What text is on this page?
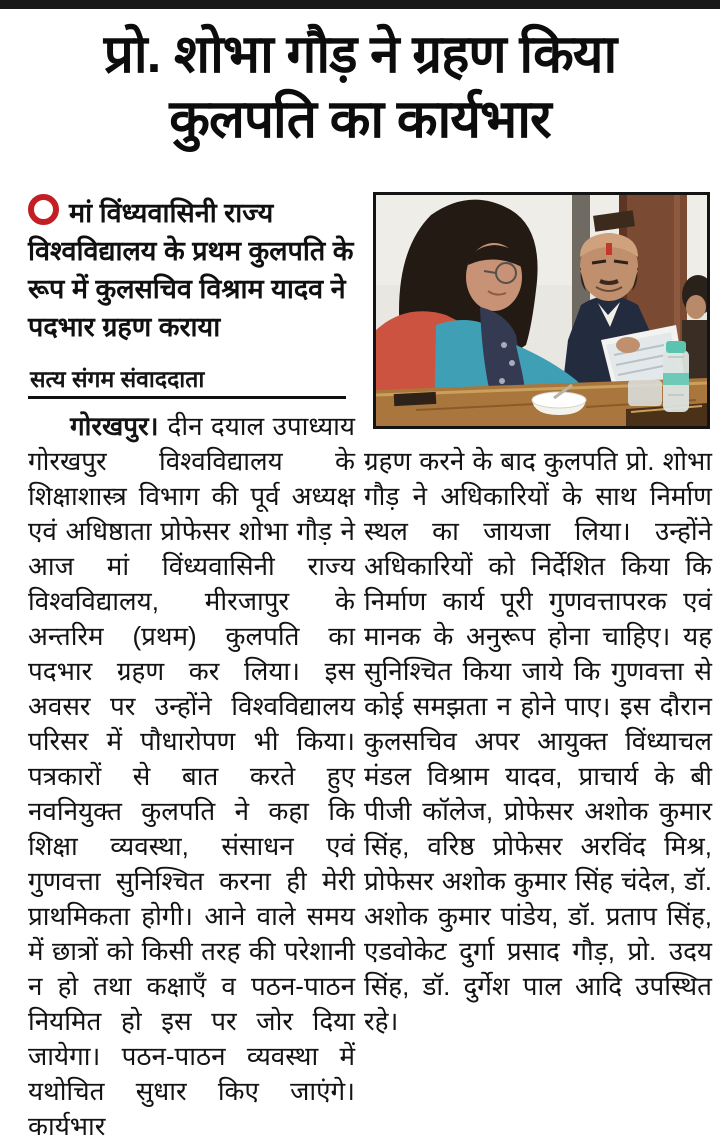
प्रो. शोभा गौड़ ने ग्रहण किया
कुलपति का कार्यभार
मां विंध्यवासिनी राज्य विश्वविद्यालय के प्रथम कुलपति के रूप में कुलसचिव विश्राम यादव ने पदभार ग्रहण कराया
सत्य संगम संवाददाता

गोरखपुर। दीन दयाल उपाध्याय गोरखपुर विश्वविद्यालय के शिक्षाशास्त्र विभाग की पूर्व अध्यक्ष एवं अधिष्ठाता प्रोफेसर शोभा गौड़ ने आज मां विंध्यवासिनी राज्य विश्वविद्यालय, मीरजापुर के अन्तरिम (प्रथम) कुलपति का पदभार ग्रहण कर लिया। इस अवसर पर उन्होंने विश्वविद्यालय परिसर में पौधारोपण भी किया। पत्रकारों से बात करते हुए नवनियुक्त कुलपति ने कहा कि शिक्षा व्यवस्था, संसाधन एवं गुणवत्ता सुनिश्चित करना ही मेरी प्राथमिकता होगी। आने वाले समय में छात्रों को किसी तरह की परेशानी न हो तथा कक्षाएँ व पठन-पाठन नियमित हो इस पर जोर दिया जायेगा। पठन-पाठन व्यवस्था में यथोचित सुधार किए जाएंगे। कार्यभार

ग्रहण करने के बाद कुलपति प्रो. शोभा गौड़ ने अधिकारियों के साथ निर्माण स्थल का जायजा लिया। उन्होंने अधिकारियों को निर्देशित किया कि निर्माण कार्य पूरी गुणवत्तापरक एवं मानक के अनुरूप होना चाहिए। यह सुनिश्चित किया जाये कि गुणवत्ता से कोई समझता न होने पाए। इस दौरान कुलसचिव अपर आयुक्त विंध्याचल मंडल विश्राम यादव, प्राचार्य के बी पीजी कॉलेज, प्रोफेसर अशोक कुमार सिंह, वरिष्ठ प्रोफेसर अरविंद मिश्र, प्रोफेसर अशोक कुमार सिंह चंदेल, डॉ. अशोक कुमार पांडेय, डॉ. प्रताप सिंह, एडवोकेट दुर्गा प्रसाद गौड़, प्रो. उदय सिंह, डॉ. दुर्गेश पाल आदि उपस्थित रहे।
